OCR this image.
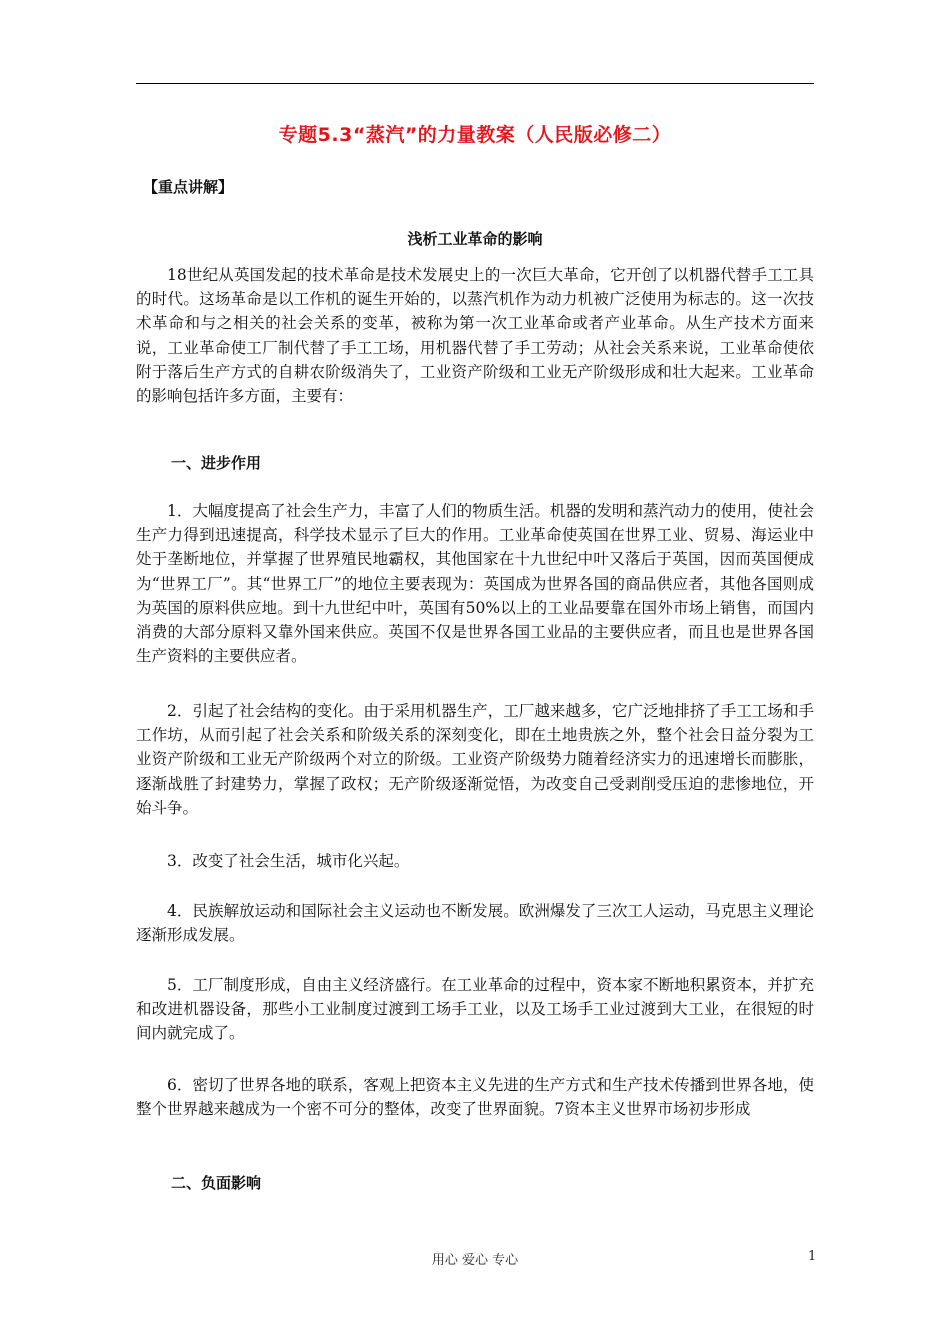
专题5.3“蒸汽”的力量教案（人民版必修二）
【重点讲解】
浅析工业革命的影响

18世纪从英国发起的技术革命是技术发展史上的一次巨大革命，它开创了以机器代替手工工具的时代。这场革命是以工作机的诞生开始的，以蒸汽机作为动力机被广泛使用为标志的。这一次技术革命和与之相关的社会关系的变革，被称为第一次工业革命或者产业革命。从生产技术方面来说，工业革命使工厂制代替了手工工场，用机器代替了手工劳动；从社会关系来说，工业革命使依附于落后生产方式的自耕农阶级消失了，工业资产阶级和工业无产阶级形成和壮大起来。工业革命的影响包括许多方面，主要有：

一、进步作用

1．大幅度提高了社会生产力，丰富了人们的物质生活。机器的发明和蒸汽动力的使用，使社会生产力得到迅速提高，科学技术显示了巨大的作用。工业革命使英国在世界工业、贸易、海运业中处于垄断地位，并掌握了世界殖民地霸权，其他国家在十九世纪中叶又落后于英国，因而英国便成为“世界工厂”。其“世界工厂”的地位主要表现为：英国成为世界各国的商品供应者，其他各国则成为英国的原料供应地。到十九世纪中叶，英国有50%以上的工业品要靠在国外市场上销售，而国内消费的大部分原料又靠外国来供应。英国不仅是世界各国工业品的主要供应者，而且也是世界各国生产资料的主要供应者。

2．引起了社会结构的变化。由于采用机器生产，工厂越来越多，它广泛地排挤了手工工场和手工作坊，从而引起了社会关系和阶级关系的深刻变化，即在土地贵族之外，整个社会日益分裂为工业资产阶级和工业无产阶级两个对立的阶级。工业资产阶级势力随着经济实力的迅速增长而膨胀，逐渐战胜了封建势力，掌握了政权；无产阶级逐渐觉悟，为改变自己受剥削受压迫的悲惨地位，开始斗争。

3．改变了社会生活，城市化兴起。

4．民族解放运动和国际社会主义运动也不断发展。欧洲爆发了三次工人运动，马克思主义理论逐渐形成发展。

5．工厂制度形成，自由主义经济盛行。在工业革命的过程中，资本家不断地积累资本，并扩充和改进机器设备，那些小工业制度过渡到工场手工业，以及工场手工业过渡到大工业，在很短的时间内就完成了。

6．密切了世界各地的联系，客观上把资本主义先进的生产方式和生产技术传播到世界各地，使整个世界越来越成为一个密不可分的整体，改变了世界面貌。7资本主义世界市场初步形成

二、负面影响
用心 爱心 专心	1
